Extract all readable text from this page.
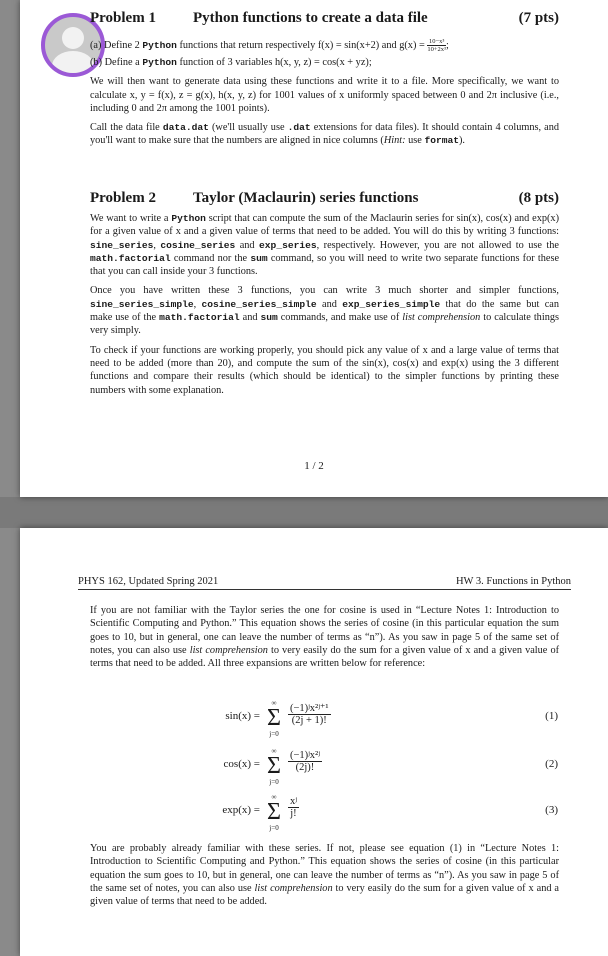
Problem 1	Python functions to create a data file	(7 pts)

(a) Define 2 Python functions that return respectively f(x) = sin(x+2) and $g(x) = \frac{\text{10−x³}}{\text{10+2x³}}$ ;

(b) Define a Python function of 3 variables h(x, y, z) = cos(x + yz);

We will then want to generate data using these functions and write it to a file. More specifically, we want to calculate x, y = f(x), z = g(x), h(x, y, z) for 1001 values of x uniformly spaced between 0 and 2π inclusive (i.e., including 0 and 2π among the 1001 points).

Call the data file data.dat (we'll usually use .dat extensions for data files). It should contain 4 columns, and you'll want to make sure that the numbers are aligned in nice columns (Hint: use format).

Problem 2	Taylor (Maclaurin) series functions	(8 pts)

We want to write a Python script that can compute the sum of the Maclaurin series for sin(x), cos(x) and exp(x) for a given value of x and a given value of terms that need to be added. You will do this by writing 3 functions: sine_series, cosine_series and exp_series, respectively. However, you are not allowed to use the math.factorial command nor the sum command, so you will need to write two separate functions for these that you can call inside your 3 functions.

Once you have written these 3 functions, you can write 3 much shorter and simpler functions, sine_series_simple, cosine_series_simple and exp_series_simple that do the same but can make use of the math.factorial and sum commands, and make use of list comprehension to calculate things very simply.

To check if your functions are working properly, you should pick any value of x and a large value of terms that need to be added (more than 20), and compute the sum of the sin(x), cos(x) and exp(x) using the 3 different functions and compare their results (which should be identical) to the simpler functions by printing these numbers with some explanation.

1 / 2
PHYS 162, Updated Spring 2021	HW 3. Functions in Python

If you are not familiar with the Taylor series the one for cosine is used in “Lecture Notes 1: Introduction to Scientific Computing and Python.” This equation shows the series of cosine (in this particular equation the sum goes to 10, but in general, one can leave the number of terms as “n”). As you saw in page 5 of the same set of notes, you can also use list comprehension to very easily do the sum for a given value of x and a given value of terms that need to be added. All three expansions are written below for reference:

sin(x) =
∞
Σ
j=0
$\frac{\text{(−1)ʲx²ʲ⁺¹}}{(2j + 1)!}$	(1)
cos(x) =
∞
Σ
j=0
$\frac{\text{(−1)ʲx²ʲ}}{(2j)!}$	(2)
exp(x) =
∞
Σ
j=0
$\frac{\text{xʲ}}{j!}$	(3)

You are probably already familiar with these series. If not, please see equation (1) in “Lecture Notes 1: Introduction to Scientific Computing and Python.” This equation shows the series of cosine (in this particular equation the sum goes to 10, but in general, one can leave the number of terms as “n”). As you saw in page 5 of the same set of notes, you can also use list comprehension to very easily do the sum for a given value of x and a given value of terms that need to be added.
